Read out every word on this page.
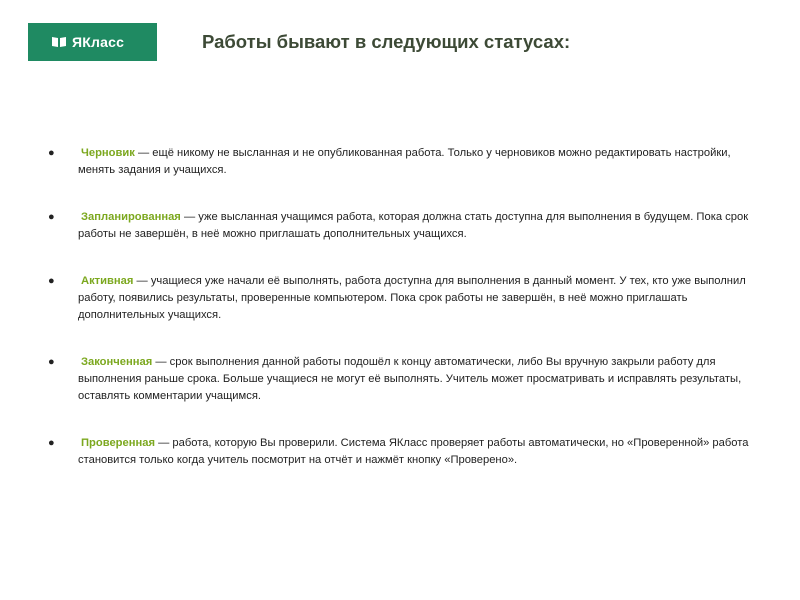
ЯКласс	Работы бывают в следующих статусах:
● Черновик — ещё никому не высланная и не опубликованная работа. Только у черновиков можно редактировать настройки, менять задания и учащихся.
● Запланированная — уже высланная учащимся работа, которая должна стать доступна для выполнения в будущем. Пока срок работы не завершён, в неё можно приглашать дополнительных учащихся.
● Активная — учащиеся уже начали её выполнять, работа доступна для выполнения в данный момент. У тех, кто уже выполнил работу, появились результаты, проверенные компьютером. Пока срок работы не завершён, в неё можно приглашать дополнительных учащихся.
● Законченная — срок выполнения данной работы подошёл к концу автоматически, либо Вы вручную закрыли работу для выполнения раньше срока. Больше учащиеся не могут её выполнять. Учитель может просматривать и исправлять результаты, оставлять комментарии учащимся.
● Проверенная — работа, которую Вы проверили. Система ЯКласс проверяет работы автоматически, но «Проверенной» работа становится только когда учитель посмотрит на отчёт и нажмёт кнопку «Проверено».
